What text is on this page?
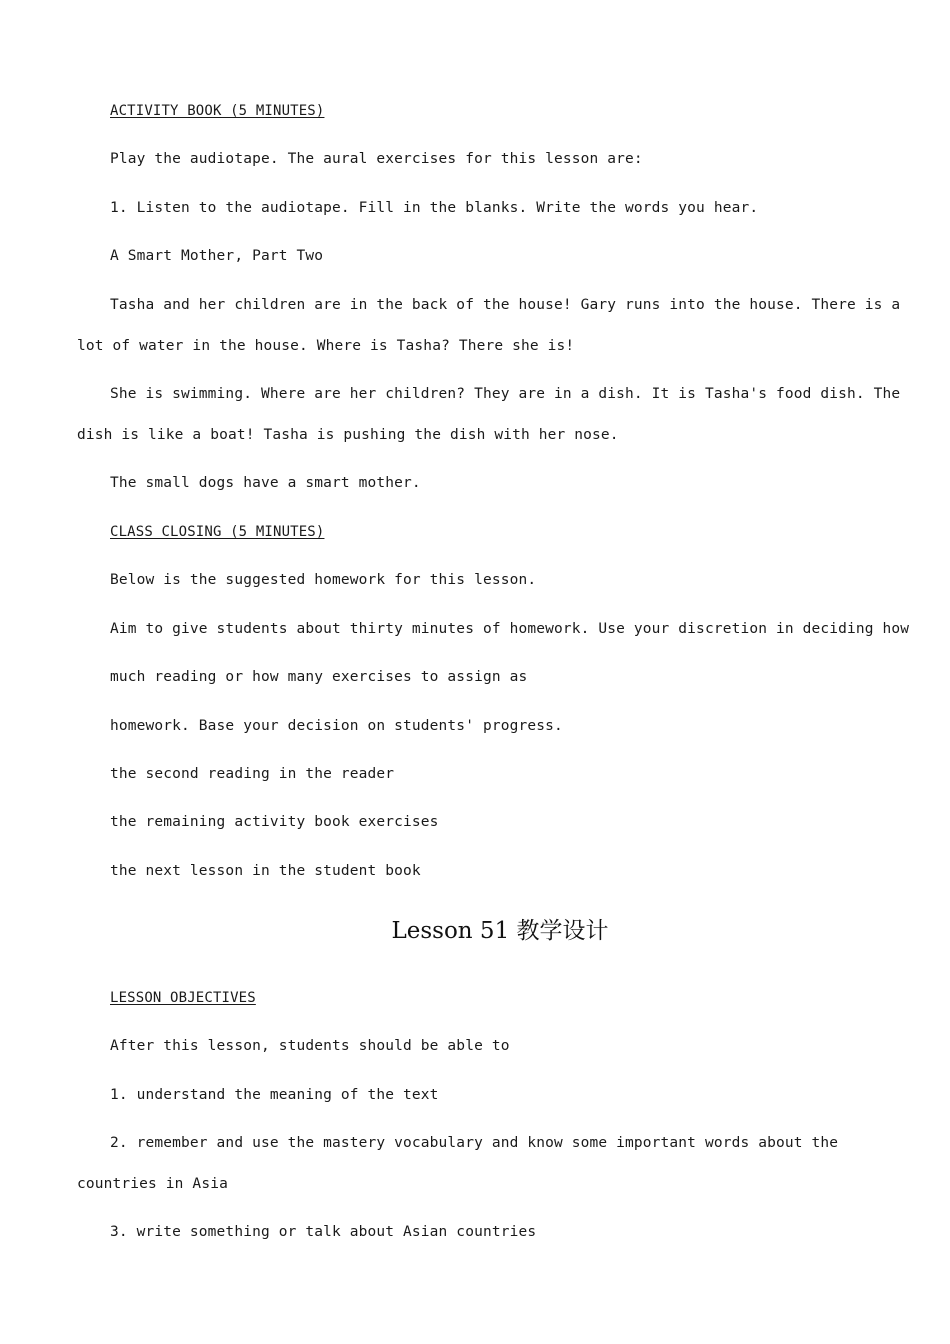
ACTIVITY BOOK (5 MINUTES)
Play the audiotape. The aural exercises for this lesson are:
1. Listen to the audiotape. Fill in the blanks. Write the words you hear.
A Smart Mother, Part Two
Tasha and her children are in the back of the house! Gary runs into the house. There is a
lot of water in the house. Where is Tasha? There she is!
She is swimming. Where are her children? They are in a dish. It is Tasha's food dish. The
dish is like a boat! Tasha is pushing the dish with her nose.
The small dogs have a smart mother.
CLASS CLOSING (5 MINUTES)
Below is the suggested homework for this lesson.
Aim to give students about thirty minutes of homework. Use your discretion in deciding how
much reading or how many exercises to assign as
homework. Base your decision on students' progress.
the second reading in the reader
the remaining activity book exercises
the next lesson in the student book
Lesson 51 教学设计
LESSON OBJECTIVES
After this lesson, students should be able to
1. understand the meaning of the text
2. remember and use the mastery vocabulary and know some important words about the
countries in Asia
3. write something or talk about Asian countries
